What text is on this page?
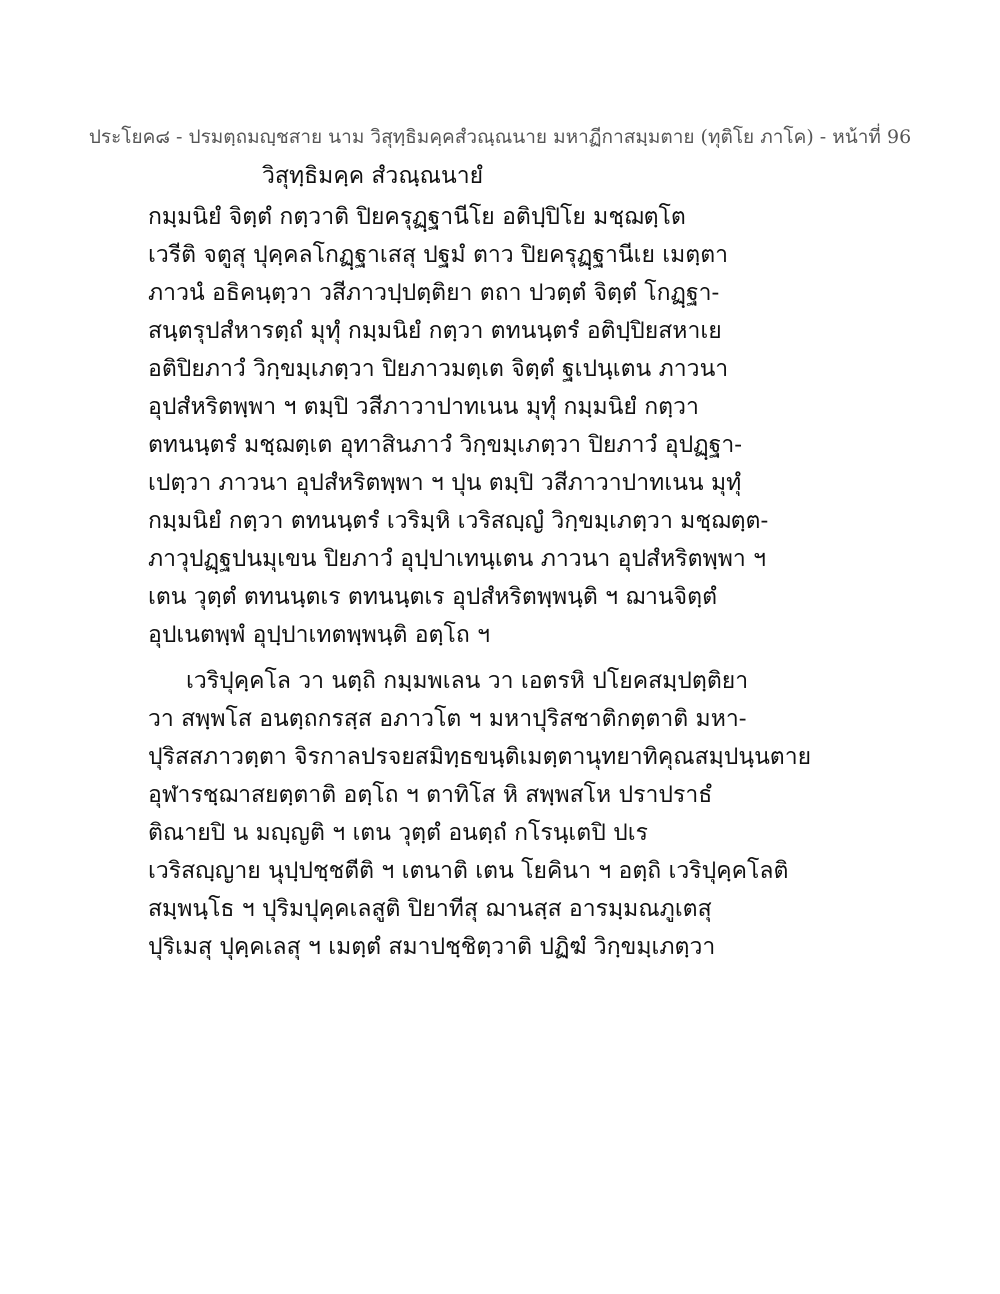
ประโยค๘ - ปรมตฺถมญฺชสาย นาม วิสุทฺธิมคฺคสํวณฺณนาย มหาฏีกาสมฺมตาย (ทุติโย ภาโค) - หน้าที่ 96
วิสุทฺธิมคฺค สํวณฺณนายํ
กมฺมนิยํ จิตฺตํ กตฺวาติ ปิยครุฏฺฐานีโย อติปฺปิโย มชฺฌตฺโต
เวรีติ จตูสุ ปุคฺคลโกฏฺฐาเสสุ ปฐมํ ตาว ปิยครุฏฺฐานีเย เมตฺตา
ภาวนํ อธิคนฺตฺวา วสีภาวปฺปตฺติยา ตถา ปวตฺตํ จิตฺตํ โกฏฺฐา-
สนฺตรุปสํหารตฺถํ มุทุํ กมฺมนิยํ กตฺวา ตทนนฺตรํ อติปฺปิยสหาเย
อติปิยภาวํ วิกฺขมฺเภตฺวา ปิยภาวมตฺเต จิตฺตํ ฐเปนฺเตน ภาวนา
อุปสํหริตพฺพา ฯ ตมฺปิ วสีภาวาปาทเนน มุทุํ กมฺมนิยํ กตฺวา
ตทนนฺตรํ มชฺฌตฺเต อุทาสินภาวํ วิกฺขมฺเภตฺวา ปิยภาวํ อุปฏฺฐา-
เปตฺวา ภาวนา อุปสํหริตพฺพา ฯ ปุน ตมฺปิ วสีภาวาปาทเนน มุทุํ
กมฺมนิยํ กตฺวา ตทนนฺตรํ เวริมฺหิ เวริสญฺญํ วิกฺขมฺเภตฺวา มชฺฌตฺต-
ภาวุปฏฺฐปนมุเขน ปิยภาวํ อุปฺปาเทนฺเตน ภาวนา อุปสํหริตพฺพา ฯ
เตน วุตฺตํ ตทนนฺตเร ตทนนฺตเร อุปสํหริตพฺพนฺติ ฯ ฌานจิตฺตํ
อุปเนตพฺพํ อุปฺปาเทตพฺพนฺติ อตฺโถ ฯ
เวริปุคฺคโล วา นตฺถิ กมฺมพเลน วา เอตรหิ ปโยคสมฺปตฺติยา
วา สพฺพโส อนตฺถกรสฺส อภาวโต ฯ มหาปุริสชาติกตฺตาติ มหา-
ปุริสสภาวตฺตา จิรกาลปรจยสมิทฺธขนฺติเมตฺตานุทยาทิคุณสมฺปนฺนตาย
อุฬารชฺฌาสยตฺตาติ อตฺโถ ฯ ตาทิโส หิ สพฺพสโห ปราปราธํ
ติณายปิ น มญฺญติ ฯ เตน วุตฺตํ อนตฺถํ กโรนฺเตปิ ปเร
เวริสญฺญาย นุปฺปชฺชตีติ ฯ เตนาติ เตน โยคินา ฯ อตฺถิ เวริปุคฺคโลติ
สมฺพนฺโธ ฯ ปุริมปุคฺคเลสูติ ปิยาทีสุ ฌานสฺส อารมฺมณภูเตสุ
ปุริเมสุ ปุคฺคเลสุ ฯ เมตฺตํ สมาปชฺชิตฺวาติ ปฏิฆํ วิกฺขมฺเภตฺวา
